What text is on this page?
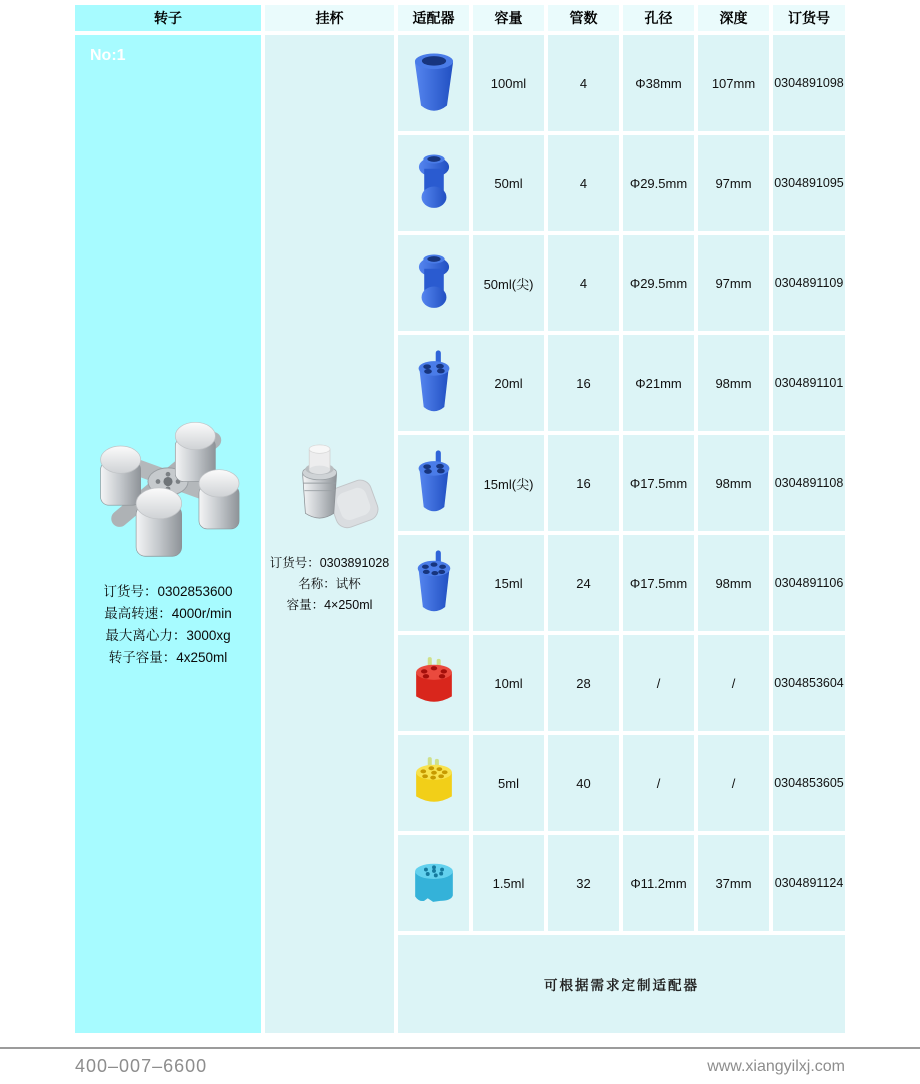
转子	挂杯	适配器	容量	管数	孔径	深度	订货号
No:1
订货号：0302853600
最高转速：4000r/min
最大离心力：3000xg
转子容量：4x250ml
订货号：0303891028
名称：试杯
容量：4×250ml
100ml	4	Φ38mm	107mm	0304891098
50ml	4	Φ29.5mm	97mm	0304891095
50ml(尖)	4	Φ29.5mm	97mm	0304891109
20ml	16	Φ21mm	98mm	0304891101
15ml(尖)	16	Φ17.5mm	98mm	0304891108
15ml	24	Φ17.5mm	98mm	0304891106
10ml	28	/	/	0304853604
5ml	40	/	/	0304853605
1.5ml	32	Φ11.2mm	37mm	0304891124
可根据需求定制适配器
400–007–6600	www.xiangyilxj.com
